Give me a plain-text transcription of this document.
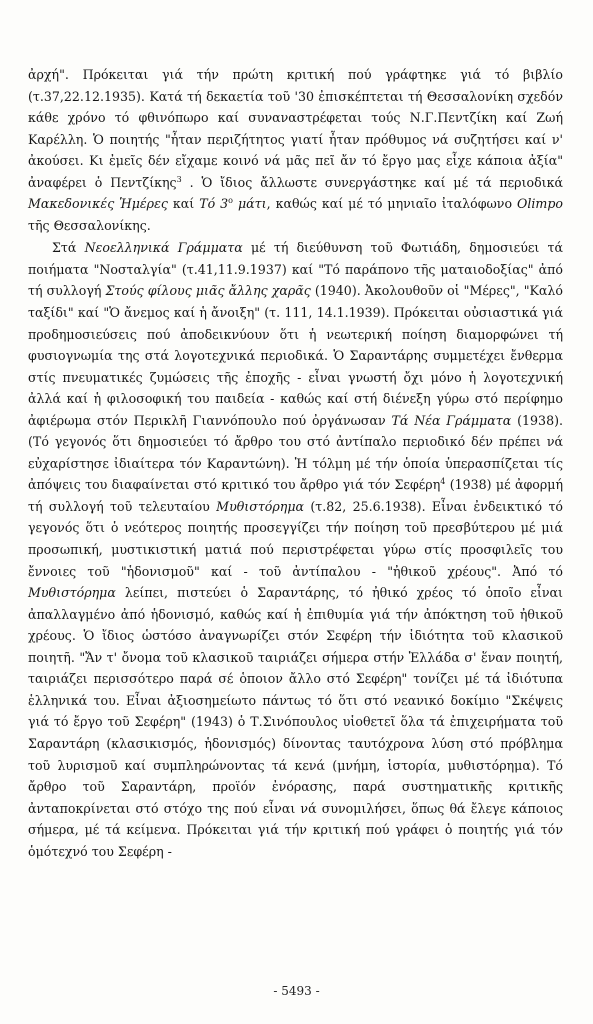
ἀρχή". Πρόκειται γιά τήν πρώτη κριτική πού γράφτηκε γιά τό βιβλίο (τ.37,22.12.1935). Κατά τή δεκαετία τοῦ '30 ἐπισκέπτεται τή Θεσσαλονίκη σχεδόν κάθε χρόνο τό φθινόπωρο καί συναναστρέφεται τούς Ν.Γ.Πεντζίκη καί Ζωή Καρέλλη. Ὁ ποιητής "ἦταν περιζήτητος γιατί ἦταν πρόθυμος νά συζητήσει καί ν' ἀκούσει. Κι ἐμεῖς δέν εἴχαμε κοινό νά μᾶς πεῖ ἄν τό ἔργο μας εἶχε κάποια ἀξία" ἀναφέρει ὁ Πεντζίκης$^3$ . Ὁ ἴδιος ἄλλωστε συνεργάστηκε καί μέ τά περιοδικά Μακεδονικές Ἡμέρες καί Τό $3^o$ μάτι, καθώς καί μέ τό μηνιαῖο ἰταλόφωνο Olimpo τῆς Θεσσαλονίκης.

Στά Νεοελληνικά Γράμματα μέ τή διεύθυνση τοῦ Φωτιάδη, δημοσιεύει τά ποιήματα "Νοσταλγία" (τ.41,11.9.1937) καί "Τό παράπονο τῆς ματαιοδοξίας" ἀπό τή συλλογή Στούς φίλους μιᾶς ἄλλης χαρᾶς (1940). Ἀκολουθοῦν οἱ "Μέρες", "Καλό ταξίδι" καί "Ὁ ἄνεμος καί ἡ ἄνοιξη" (τ. 111, 14.1.1939). Πρόκειται οὐσιαστικά γιά προδημοσιεύσεις πού ἀποδεικνύουν ὅτι ἡ νεωτερική ποίηση διαμορφώνει τή φυσιογνωμία της στά λογοτεχνικά περιοδικά. Ὁ Σαραντάρης συμμετέχει ἔνθερμα στίς πνευματικές ζυμώσεις τῆς ἐποχῆς - εἶναι γνωστή ὄχι μόνο ἡ λογοτεχνική ἀλλά καί ἡ φιλοσοφική του παιδεία - καθώς καί στή διένεξη γύρω στό περίφημο ἀφιέρωμα στόν Περικλῆ Γιαννόπουλο πού ὀργάνωσαν Τά Νέα Γράμματα (1938). (Τό γεγονός ὅτι δημοσιεύει τό ἄρθρο του στό ἀντίπαλο περιοδικό δέν πρέπει νά εὐχαρίστησε ἰδιαίτερα τόν Καραντώνη). Ἡ τόλμη μέ τήν ὁποία ὑπερασπίζεται τίς ἀπόψεις του διαφαίνεται στό κριτικό του ἄρθρο γιά τόν Σεφέρη$^4$ (1938) μέ ἀφορμή τή συλλογή τοῦ τελευταίου Μυθιστόρημα (τ.82, 25.6.1938). Εἶναι ἐνδεικτικό τό γεγονός ὅτι ὁ νεότερος ποιητής προσεγγίζει τήν ποίηση τοῦ πρεσβύτερου μέ μιά προσωπική, μυστικιστική ματιά πού περιστρέφεται γύρω στίς προσφιλεῖς του ἔννοιες τοῦ "ἡδονισμοῦ" καί - τοῦ ἀντίπαλου - "ἠθικοῦ χρέους". Ἀπό τό Μυθιστόρημα λείπει, πιστεύει ὁ Σαραντάρης, τό ἠθικό χρέος τό ὁποῖο εἶναι ἀπαλλαγμένο ἀπό ἡδονισμό, καθώς καί ἡ ἐπιθυμία γιά τήν ἀπόκτηση τοῦ ἠθικοῦ χρέους. Ὁ ἴδιος ὡστόσο ἀναγνωρίζει στόν Σεφέρη τήν ἰδιότητα τοῦ κλασικοῦ ποιητῆ. "Ἄν τ' ὄνομα τοῦ κλασικοῦ ταιριάζει σήμερα στήν Ἑλλάδα σ' ἕναν ποιητή, ταιριάζει περισσότερο παρά σέ ὁποιον ἄλλο στό Σεφέρη" τονίζει μέ τά ἰδιότυπα ἑλληνικά του. Εἶναι ἀξιοσημείωτο πάντως τό ὅτι στό νεανικό δοκίμιο "Σκέψεις γιά τό ἔργο τοῦ Σεφέρη" (1943) ὁ Τ.Σινόπουλος υἱοθετεῖ ὅλα τά ἐπιχειρήματα τοῦ Σαραντάρη (κλασικισμός, ἡδονισμός) δίνοντας ταυτόχρονα λύση στό πρόβλημα τοῦ λυρισμοῦ καί συμπληρώνοντας τά κενά (μνήμη, ἱστορία, μυθιστόρημα). Τό ἄρθρο τοῦ Σαραντάρη, προϊόν ἐνόρασης, παρά συστηματικῆς κριτικῆς ἀνταποκρίνεται στό στόχο της πού εἶναι νά συνομιλήσει, ὅπως θά ἔλεγε κάποιος σήμερα, μέ τά κείμενα. Πρόκειται γιά τήν κριτική πού γράφει ὁ ποιητής γιά τόν ὁμότεχνό του Σεφέρη -

- 5493 -
